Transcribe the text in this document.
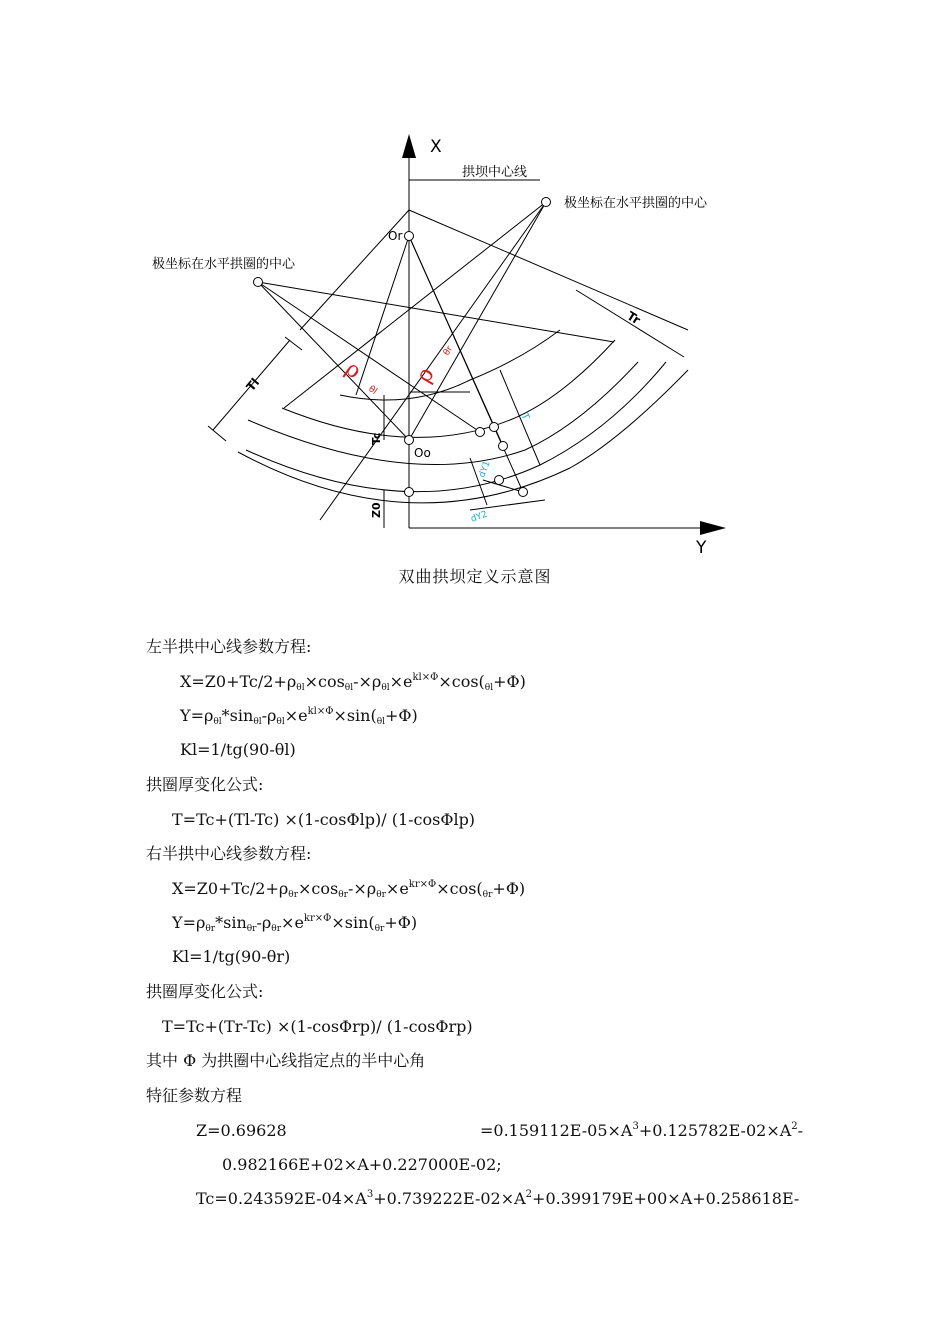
X
Y
拱坝中心线
极坐标在水平拱圈的中心
极坐标在水平拱圈的中心
Or
Oo
Tl
Tr
Tc
Z0
T
dY1
dY2
ρ
θl
ρ
θr
双曲拱坝定义示意图
左半拱中心线参数方程:
$X=Z0+Tc/2+\rho\theta l\times\cos\theta l-\times\rho\theta l\times e^{kl\times\Phi}\times\cos(\theta l+\Phi)$
$Y=\rho\theta l*\sin\theta l-\rho\theta l\times e^{kl\times\Phi}\times\sin(\theta l+\Phi)$
Kl=1/tg(90-θl)
拱圈厚变化公式:
T=Tc+(Tl-Tc) ×(1-cosΦlp)/ (1-cosΦlp)
右半拱中心线参数方程:
$X=Z0+Tc/2+\rho\theta r\times\cos\theta r-\times\rho\theta r\times e^{kr\times\Phi}\times\cos(\theta r+\Phi)$
$Y=\rho\theta r*\sin\theta r-\rho\theta r\times e^{kr\times\Phi}\times\sin(\theta r+\Phi)$
Kl=1/tg(90-θr)
拱圈厚变化公式:
T=Tc+(Tr-Tc) ×(1-cosΦrp)/ (1-cosΦrp)
其中 Φ 为拱圈中心线指定点的半中心角
特征参数方程
Z=0.69628	$=0.159112E-05\times A^3+0.125782E-02\times A^2-$
0.982166E+02×A+0.227000E-02;
$Tc=0.243592E-04\times A^3+0.739222E-02\times A^2+0.399179E+00\times A+0.258618E-$
